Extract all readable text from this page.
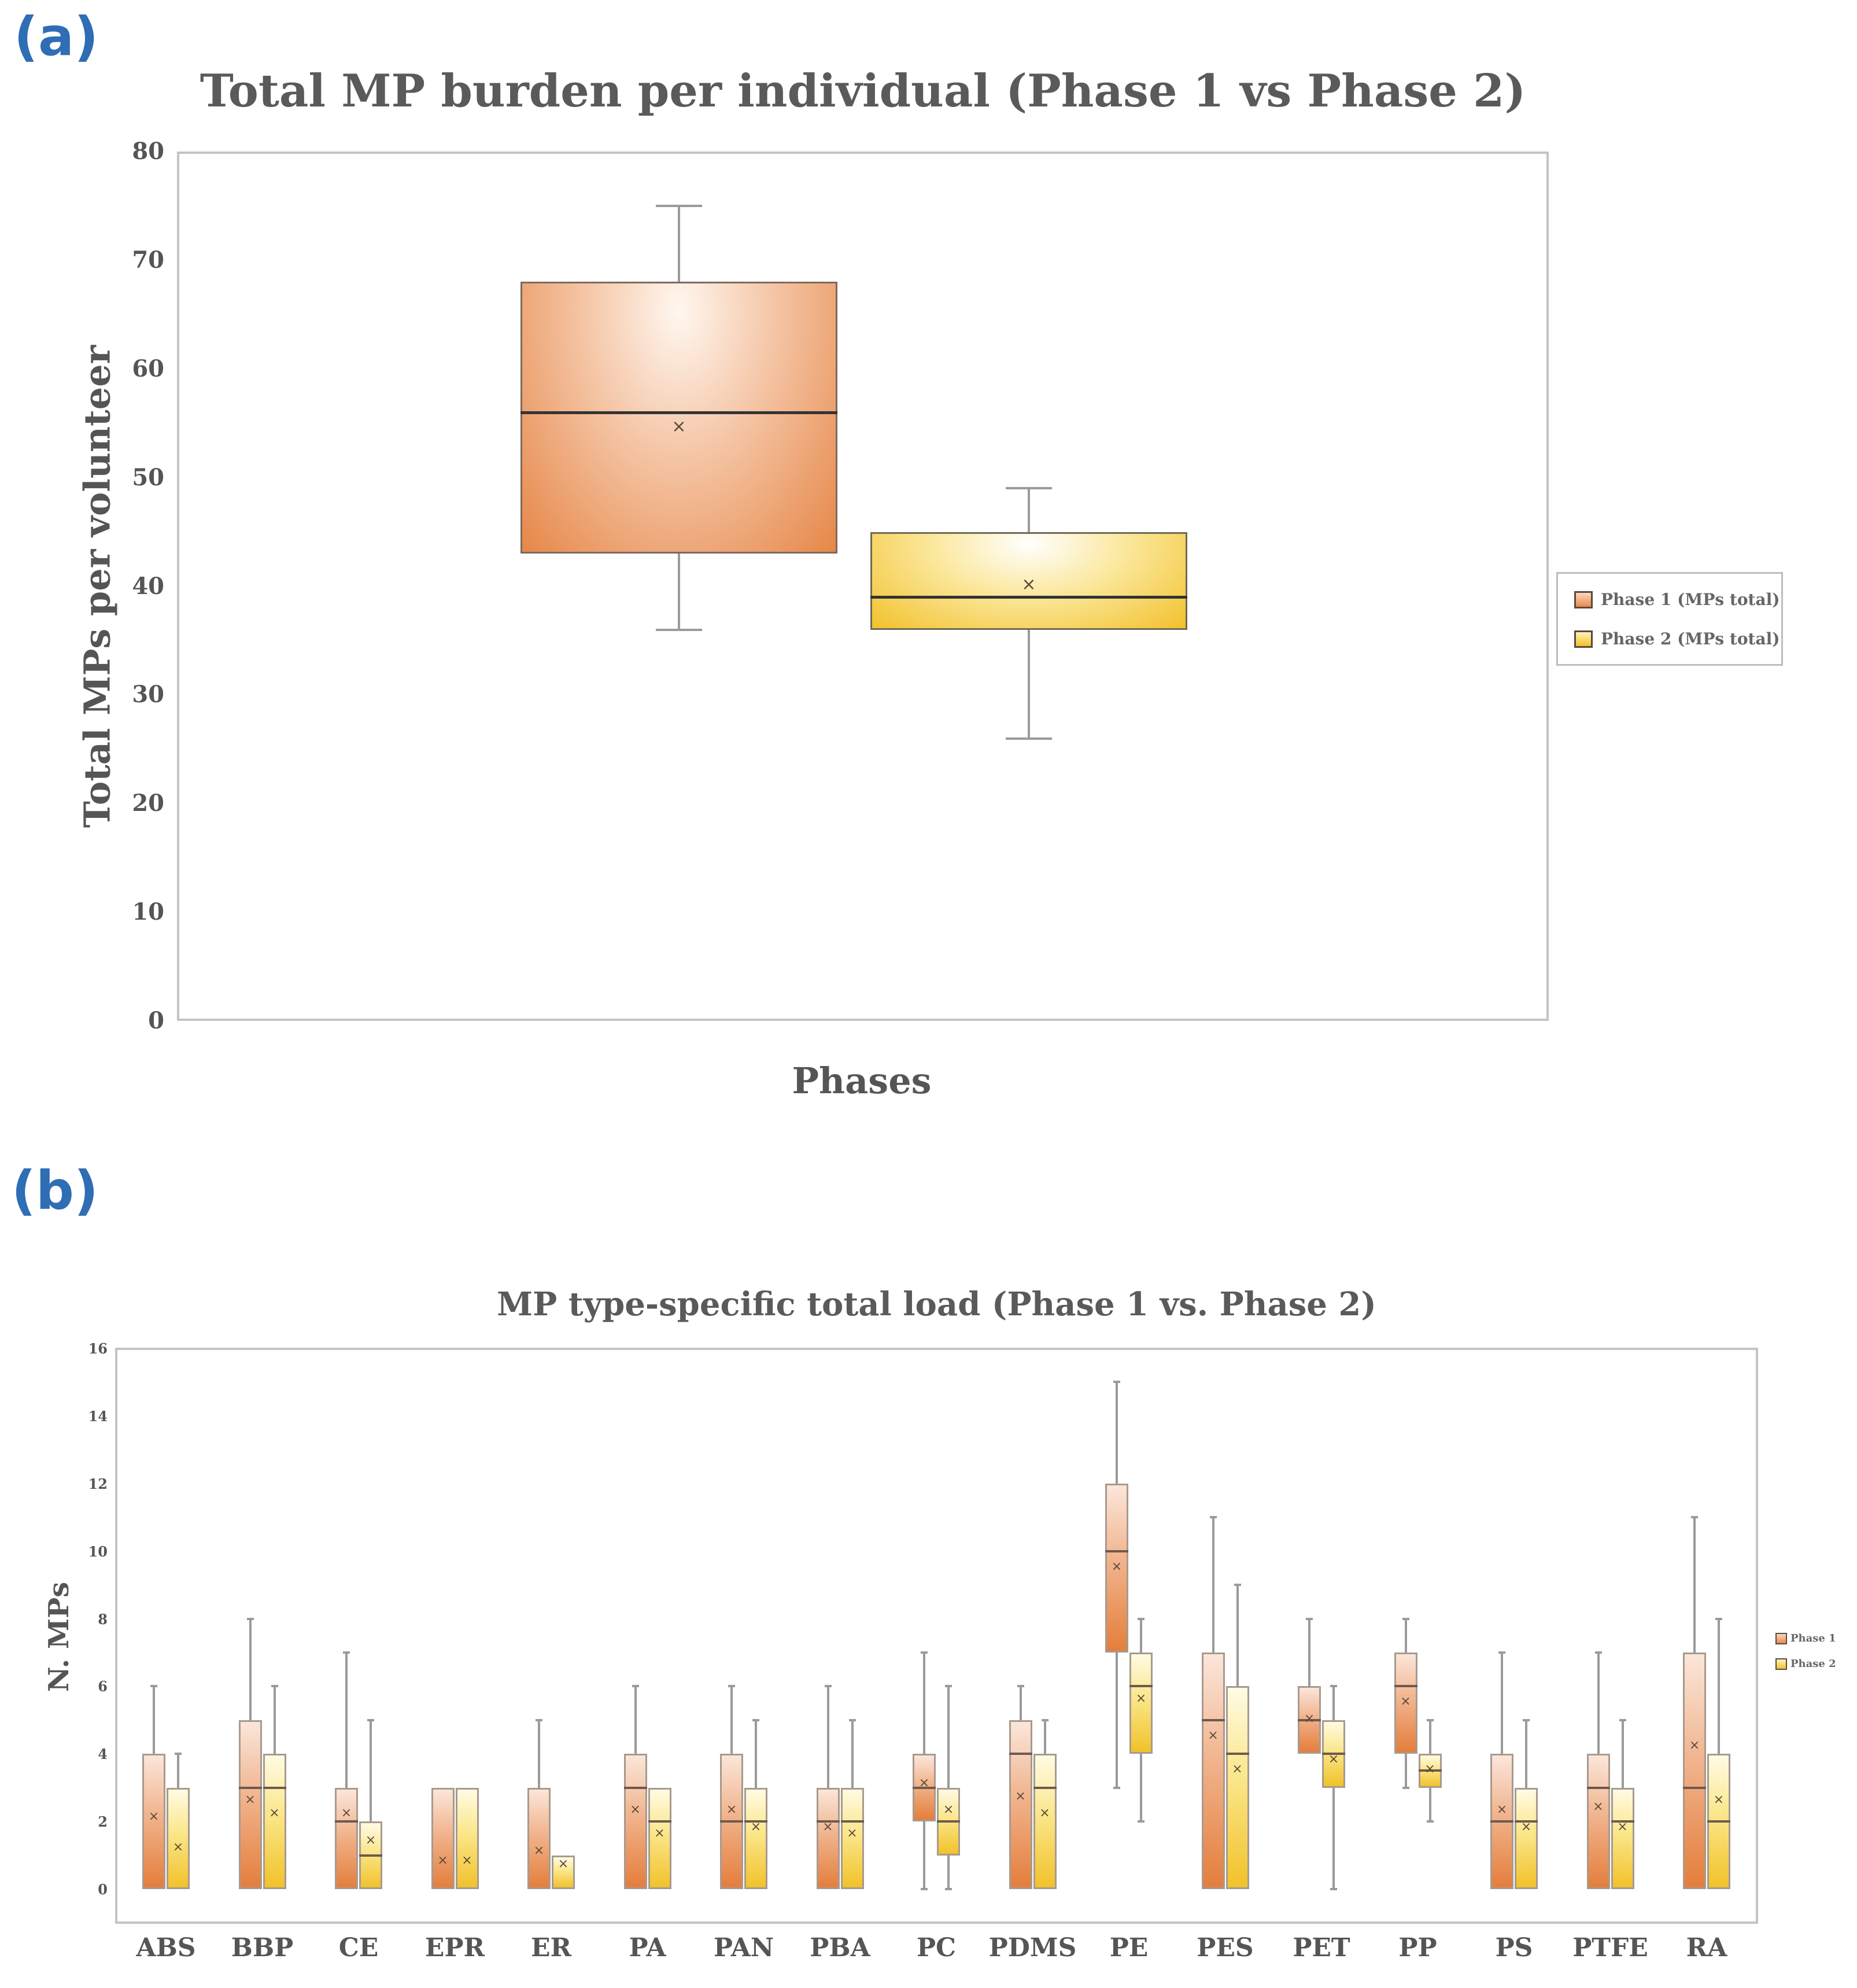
(a)
Total MP burden per individual (Phase 1 vs Phase 2)
0
10
20
30
40
50
60
70
80
Total MPs per volunteer	×
×
Phases
Phase 1 (MPs total)
Phase 2 (MPs total)
(b)
MP type-specific total load (Phase 1 vs. Phase 2)
0
2
4
6
8
10
12
14
16
N. MPs
×
×
×
×	×
×
×	×
×
×
×
×
×
×	×	×
×
×
×
×
×
×
×
×
×
×
×
×
×
×
×
×
×
×
ABS	BBP	CE	EPR	ER	PA	PAN	PBA	PC	PDMS	PE	PES	PET	PP	PS	PTFE	RA
Phase 1
Phase 2
